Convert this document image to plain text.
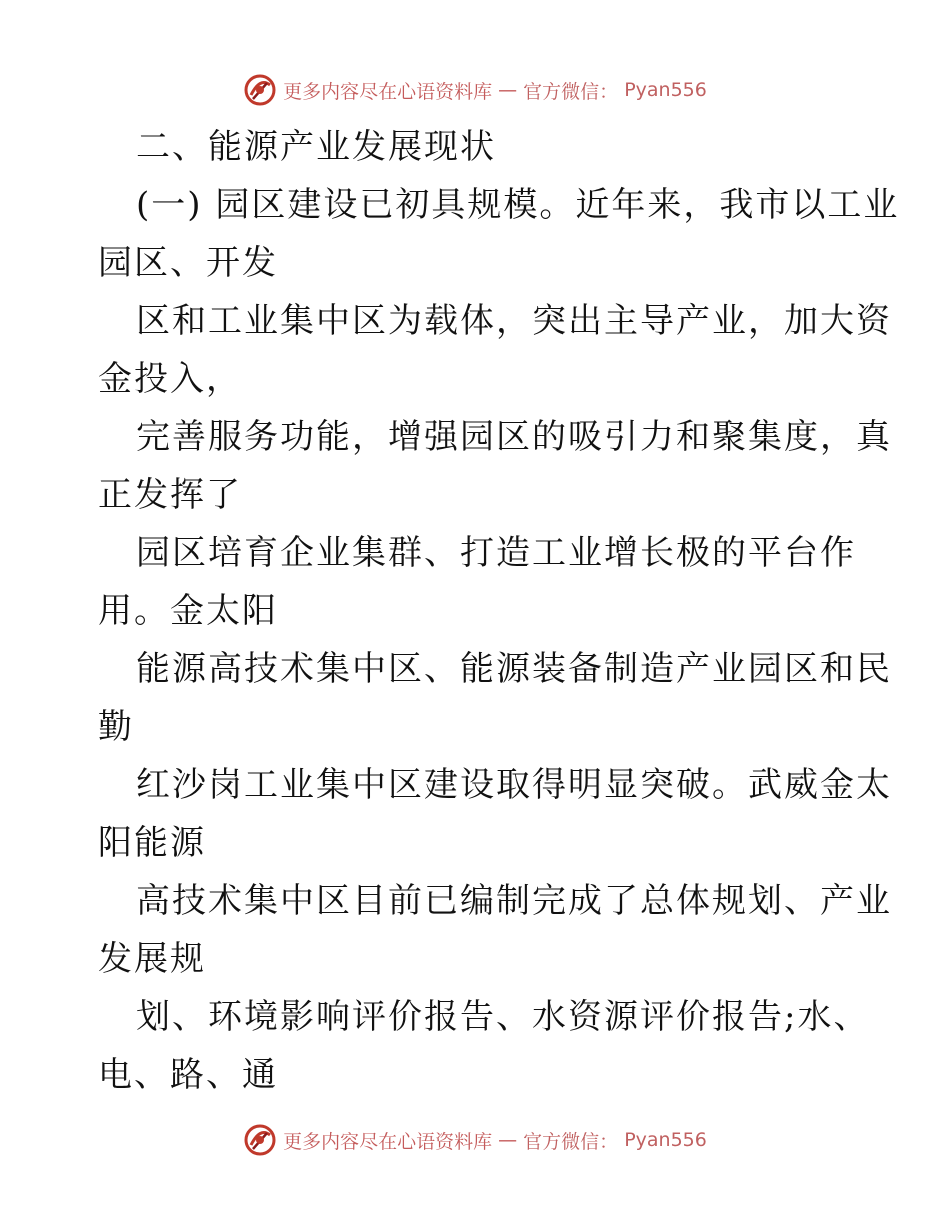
更多内容尽在心语资料库 — 官方微信： Pyan556
二、能源产业发展现状
(一) 园区建设已初具规模。近年来，我市以工业
园区、开发
区和工业集中区为载体，突出主导产业，加大资
金投入，
完善服务功能，增强园区的吸引力和聚集度，真
正发挥了
园区培育企业集群、打造工业增长极的平台作
用。金太阳
能源高技术集中区、能源装备制造产业园区和民
勤
红沙岗工业集中区建设取得明显突破。武威金太
阳能源
高技术集中区目前已编制完成了总体规划、产业
发展规
划、环境影响评价报告、水资源评价报告;水、
电、路、通
更多内容尽在心语资料库 — 官方微信： Pyan556
